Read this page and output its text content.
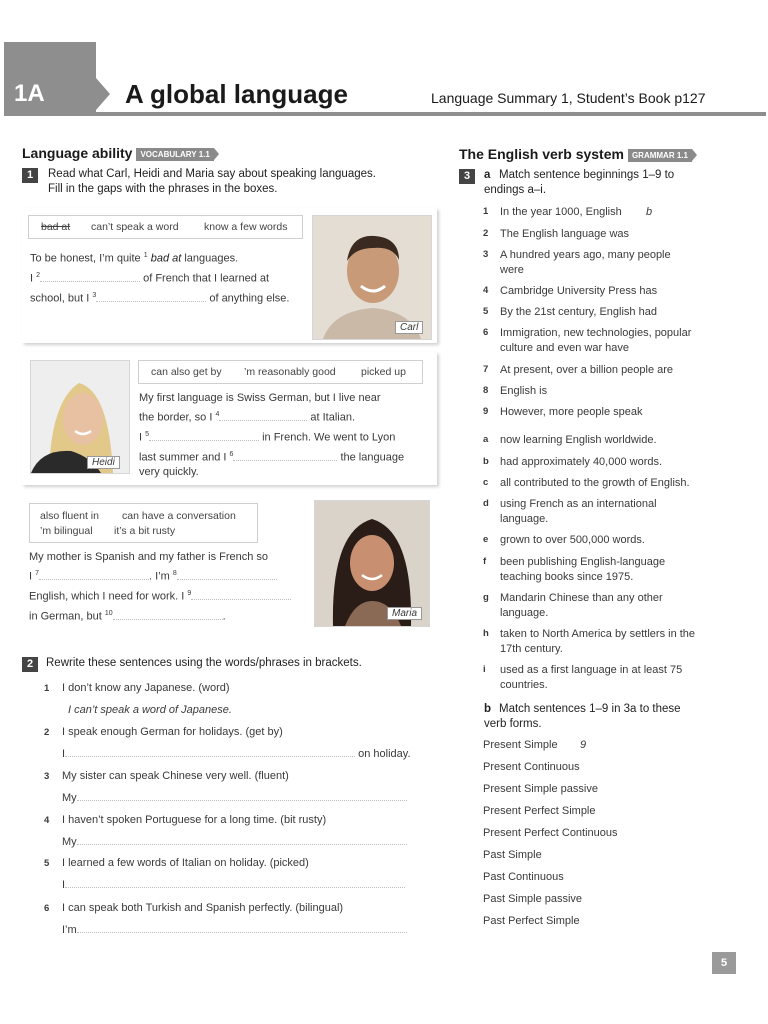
1A	A global language	Language Summary 1, Student’s Book p127
Language ability VOCABULARY 1.1
1	Read what Carl, Heidi and Maria say about speaking languages.
Fill in the gaps with the phrases in the boxes.
bad at can’t speak a word know a few words
To be honest, I’m quite $^1$ bad at languages.
I $^2$	of French that I learned at
school, but I $^3$	of anything else.
Carl
Heidi
can also get by ’m reasonably good picked up
My first language is Swiss German, but I live near
the border, so I $^4$	at Italian.
I $^5$	in French. We went to Lyon
last summer and I $^6$	the language
very quickly.
also fluent in can have a conversation
’m bilingual it’s a bit rusty
My mother is Spanish and my father is French so
I $^7$	. I’m $^8$
English, which I need for work. I $^9$
in German, but $^{10}$	.	Maria
2	Rewrite these sentences using the words/phrases in brackets.
1 I don’t know any Japanese. (word)
I can’t speak a word of Japanese.
2 I speak enough German for holidays. (get by)
I	on holiday.
3 My sister can speak Chinese very well. (fluent)
My
4 I haven’t spoken Portuguese for a long time. (bit rusty)
My
5 I learned a few words of Italian on holiday. (picked)
I
6 I can speak both Turkish and Spanish perfectly. (bilingual)
I’m
The English verb system GRAMMAR 1.1
3	a Match sentence beginnings 1–9 to
endings a–i.
1 In the year 1000, English b
2 The English language was
3 A hundred years ago, many people
were
4 Cambridge University Press has
5 By the 21st century, English had
6 Immigration, new technologies, popular
culture and even war have
7 At present, over a billion people are
8 English is
9 However, more people speak
a now learning English worldwide.
b had approximately 40,000 words.
c all contributed to the growth of English.
d using French as an international
language.
e grown to over 500,000 words.
f been publishing English-language
teaching books since 1975.
g Mandarin Chinese than any other
language.
h taken to North America by settlers in the
17th century.
i used as a first language in at least 75
countries.
b Match sentences 1–9 in 3a to these
verb forms.
Present Simple 9
Present Continuous
Present Simple passive
Present Perfect Simple
Present Perfect Continuous
Past Simple
Past Continuous
Past Simple passive
Past Perfect Simple
5
